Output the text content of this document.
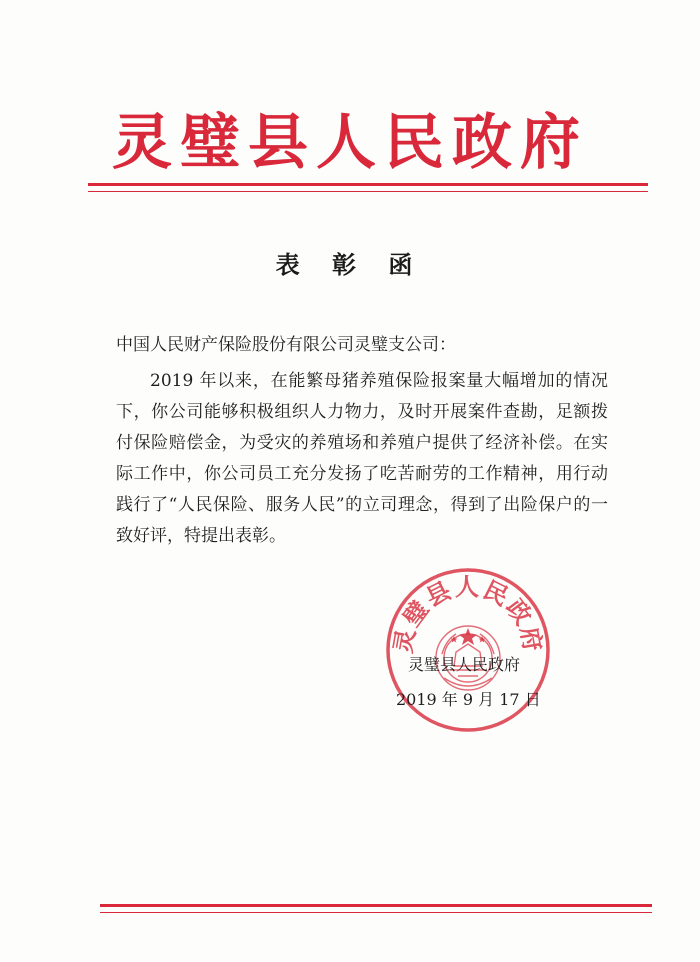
灵璧县人民政府
表 彰 函
中国人民财产保险股份有限公司灵璧支公司：
2019 年以来，在能繁母猪养殖保险报案量大幅增加的情况下，你公司能够积极组织人力物力，及时开展案件查勘，足额拨付保险赔偿金，为受灾的养殖场和养殖户提供了经济补偿。在实际工作中，你公司员工充分发扬了吃苦耐劳的工作精神，用行动践行了“人民保险、服务人民”的立司理念，得到了出险保户的一致好评，特提出表彰。
灵璧县人民政府
灵璧县人民政府
2019 年 9 月 17 日
